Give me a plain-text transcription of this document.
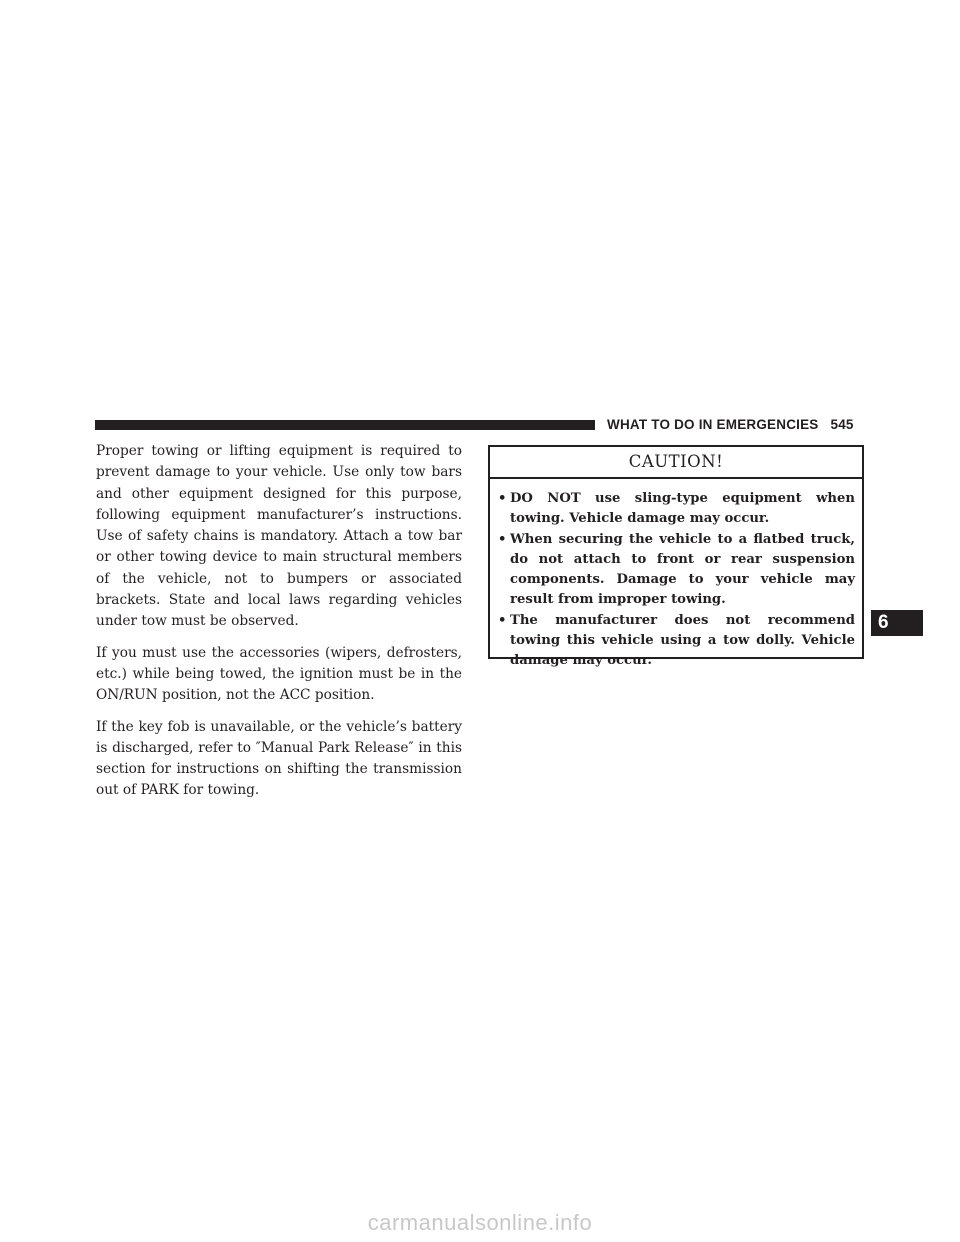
WHAT TO DO IN EMERGENCIES 545

Proper towing or lifting equipment is required to prevent damage to your vehicle. Use only tow bars and other equipment designed for this purpose, following equipment manufacturer’s instructions. Use of safety chains is mandatory. Attach a tow bar or other towing device to main structural members of the vehicle, not to bumpers or associated brackets. State and local laws regarding vehicles under tow must be observed.

If you must use the accessories (wipers, defrosters, etc.) while being towed, the ignition must be in the ON/RUN position, not the ACC position.

If the key fob is unavailable, or the vehicle’s battery is discharged, refer to ″Manual Park Release″ in this section for instructions on shifting the transmission out of PARK for towing.

CAUTION!
• DO NOT use sling-type equipment when towing. Vehicle damage may occur.
• When securing the vehicle to a flatbed truck, do not attach to front or rear suspension components. Damage to your vehicle may result from improper towing.
• The manufacturer does not recommend towing this vehicle using a tow dolly. Vehicle damage may occur.
6
carmanualsonline.info
